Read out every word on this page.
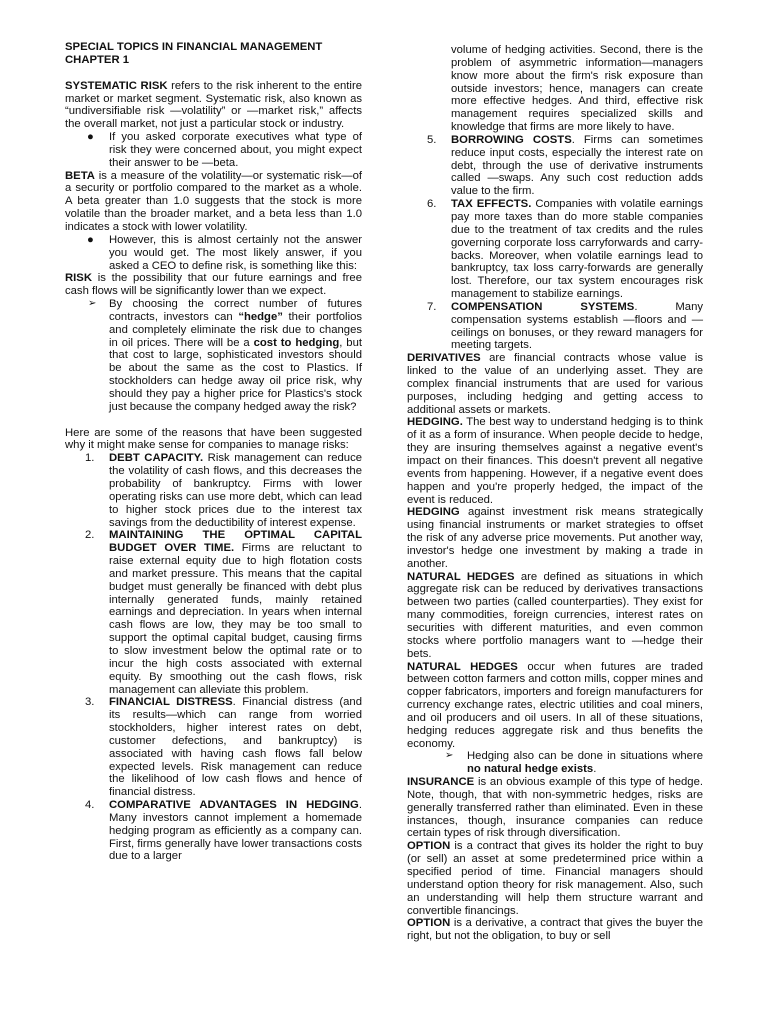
SPECIAL TOPICS IN FINANCIAL MANAGEMENT

CHAPTER 1

SYSTEMATIC RISK refers to the risk inherent to the entire market or market segment. Systematic risk, also known as “undiversifiable risk —volatility” or —market risk,” affects the overall market, not just a particular stock or industry.

● If you asked corporate executives what type of risk they were concerned about, you might expect their answer to be —beta.

BETA is a measure of the volatility—or systematic risk—of a security or portfolio compared to the market as a whole. A beta greater than 1.0 suggests that the stock is more volatile than the broader market, and a beta less than 1.0 indicates a stock with lower volatility.

● However, this is almost certainly not the answer you would get. The most likely answer, if you asked a CEO to define risk, is something like this:

RISK is the possibility that our future earnings and free cash flows will be significantly lower than we expect.

➢ By choosing the correct number of futures contracts, investors can “hedge” their portfolios and completely eliminate the risk due to changes in oil prices. There will be a cost to hedging, but that cost to large, sophisticated investors should be about the same as the cost to Plastics. If stockholders can hedge away oil price risk, why should they pay a higher price for Plastics's stock just because the company hedged away the risk?

Here are some of the reasons that have been suggested why it might make sense for companies to manage risks:

1. DEBT CAPACITY. Risk management can reduce the volatility of cash flows, and this decreases the probability of bankruptcy. Firms with lower operating risks can use more debt, which can lead to higher stock prices due to the interest tax savings from the deductibility of interest expense.

2. MAINTAINING THE OPTIMAL CAPITAL BUDGET OVER TIME. Firms are reluctant to raise external equity due to high flotation costs and market pressure. This means that the capital budget must generally be financed with debt plus internally generated funds, mainly retained earnings and depreciation. In years when internal cash flows are low, they may be too small to support the optimal capital budget, causing firms to slow investment below the optimal rate or to incur the high costs associated with external equity. By smoothing out the cash flows, risk management can alleviate this problem.

3. FINANCIAL DISTRESS. Financial distress (and its results—which can range from worried stockholders, higher interest rates on debt, customer defections, and bankruptcy) is associated with having cash flows fall below expected levels. Risk management can reduce the likelihood of low cash flows and hence of financial distress.

4. COMPARATIVE ADVANTAGES IN HEDGING. Many investors cannot implement a homemade hedging program as efficiently as a company can. First, firms generally have lower transactions costs due to a larger

volume of hedging activities. Second, there is the problem of asymmetric information—managers know more about the firm's risk exposure than outside investors; hence, managers can create more effective hedges. And third, effective risk management requires specialized skills and knowledge that firms are more likely to have.

5. BORROWING COSTS. Firms can sometimes reduce input costs, especially the interest rate on debt, through the use of derivative instruments called —swaps. Any such cost reduction adds value to the firm.

6. TAX EFFECTS. Companies with volatile earnings pay more taxes than do more stable companies due to the treatment of tax credits and the rules governing corporate loss carryforwards and carry-backs. Moreover, when volatile earnings lead to bankruptcy, tax loss carry-forwards are generally lost. Therefore, our tax system encourages risk management to stabilize earnings.

7. COMPENSATION SYSTEMS. Many compensation systems establish —floors and —ceilings on bonuses, or they reward managers for meeting targets.

DERIVATIVES are financial contracts whose value is linked to the value of an underlying asset. They are complex financial instruments that are used for various purposes, including hedging and getting access to additional assets or markets.

HEDGING. The best way to understand hedging is to think of it as a form of insurance. When people decide to hedge, they are insuring themselves against a negative event's impact on their finances. This doesn't prevent all negative events from happening. However, if a negative event does happen and you're properly hedged, the impact of the event is reduced.

HEDGING against investment risk means strategically using financial instruments or market strategies to offset the risk of any adverse price movements. Put another way, investor's hedge one investment by making a trade in another.

NATURAL HEDGES are defined as situations in which aggregate risk can be reduced by derivatives transactions between two parties (called counterparties). They exist for many commodities, foreign currencies, interest rates on securities with different maturities, and even common stocks where portfolio managers want to —hedge their bets.

NATURAL HEDGES occur when futures are traded between cotton farmers and cotton mills, copper mines and copper fabricators, importers and foreign manufacturers for currency exchange rates, electric utilities and coal miners, and oil producers and oil users. In all of these situations, hedging reduces aggregate risk and thus benefits the economy.

➢ Hedging also can be done in situations where no natural hedge exists.

INSURANCE is an obvious example of this type of hedge. Note, though, that with non-symmetric hedges, risks are generally transferred rather than eliminated. Even in these instances, though, insurance companies can reduce certain types of risk through diversification.

OPTION is a contract that gives its holder the right to buy (or sell) an asset at some predetermined price within a specified period of time. Financial managers should understand option theory for risk management. Also, such an understanding will help them structure warrant and convertible financings.

OPTION is a derivative, a contract that gives the buyer the right, but not the obligation, to buy or sell
